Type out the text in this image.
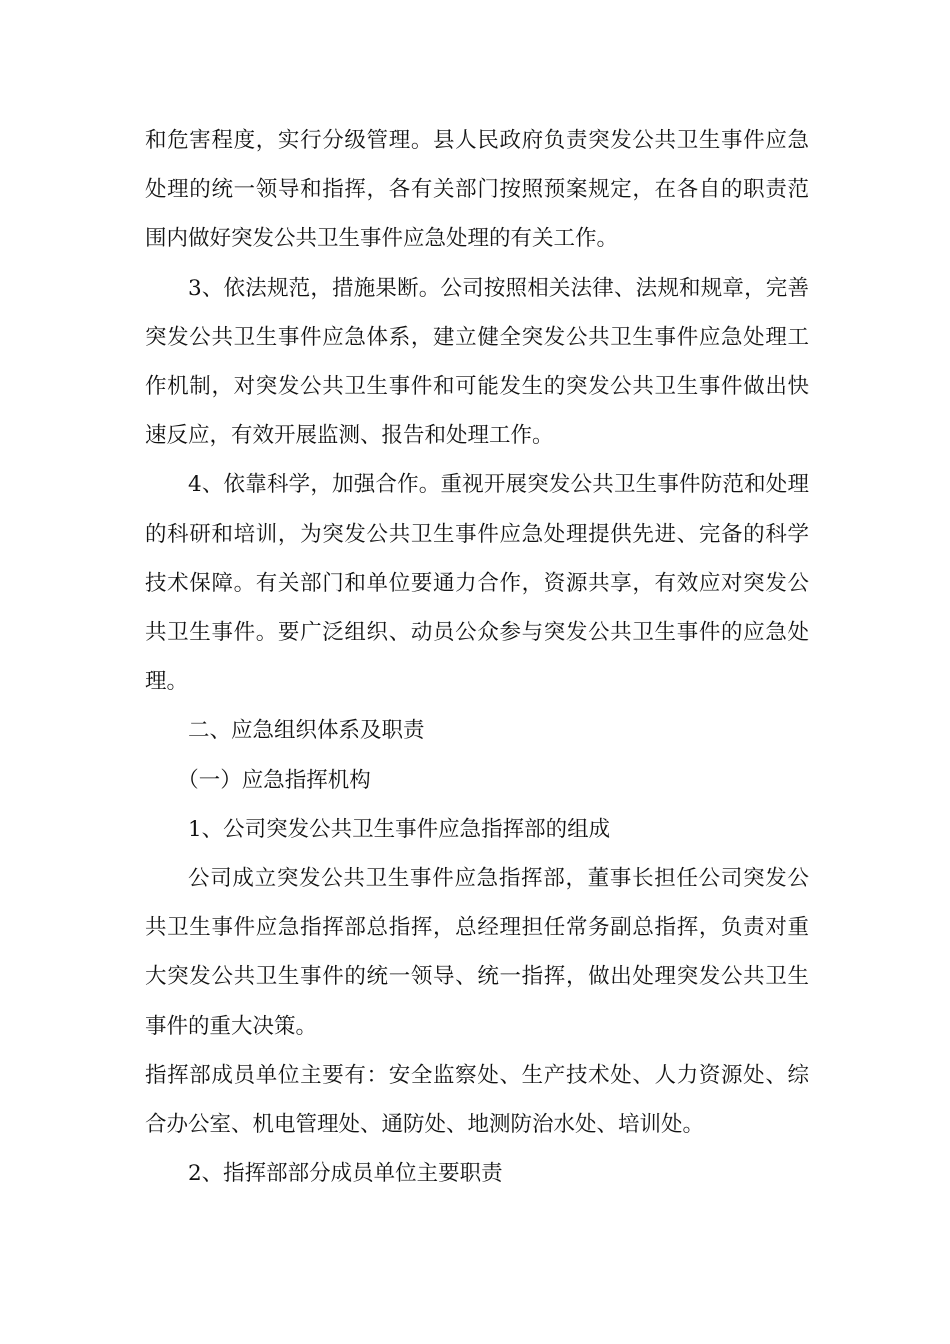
和危害程度，实行分级管理。县人民政府负责突发公共卫生事件应急处理的统一领导和指挥，各有关部门按照预案规定，在各自的职责范围内做好突发公共卫生事件应急处理的有关工作。

3、依法规范，措施果断。公司按照相关法律、法规和规章，完善突发公共卫生事件应急体系，建立健全突发公共卫生事件应急处理工作机制，对突发公共卫生事件和可能发生的突发公共卫生事件做出快速反应，有效开展监测、报告和处理工作。

4、依靠科学，加强合作。重视开展突发公共卫生事件防范和处理的科研和培训，为突发公共卫生事件应急处理提供先进、完备的科学技术保障。有关部门和单位要通力合作，资源共享，有效应对突发公共卫生事件。要广泛组织、动员公众参与突发公共卫生事件的应急处理。

二、应急组织体系及职责

（一）应急指挥机构

1、公司突发公共卫生事件应急指挥部的组成

公司成立突发公共卫生事件应急指挥部，董事长担任公司突发公共卫生事件应急指挥部总指挥，总经理担任常务副总指挥，负责对重大突发公共卫生事件的统一领导、统一指挥，做出处理突发公共卫生事件的重大决策。

指挥部成员单位主要有：安全监察处、生产技术处、人力资源处、综合办公室、机电管理处、通防处、地测防治水处、培训处。

2、指挥部部分成员单位主要职责
